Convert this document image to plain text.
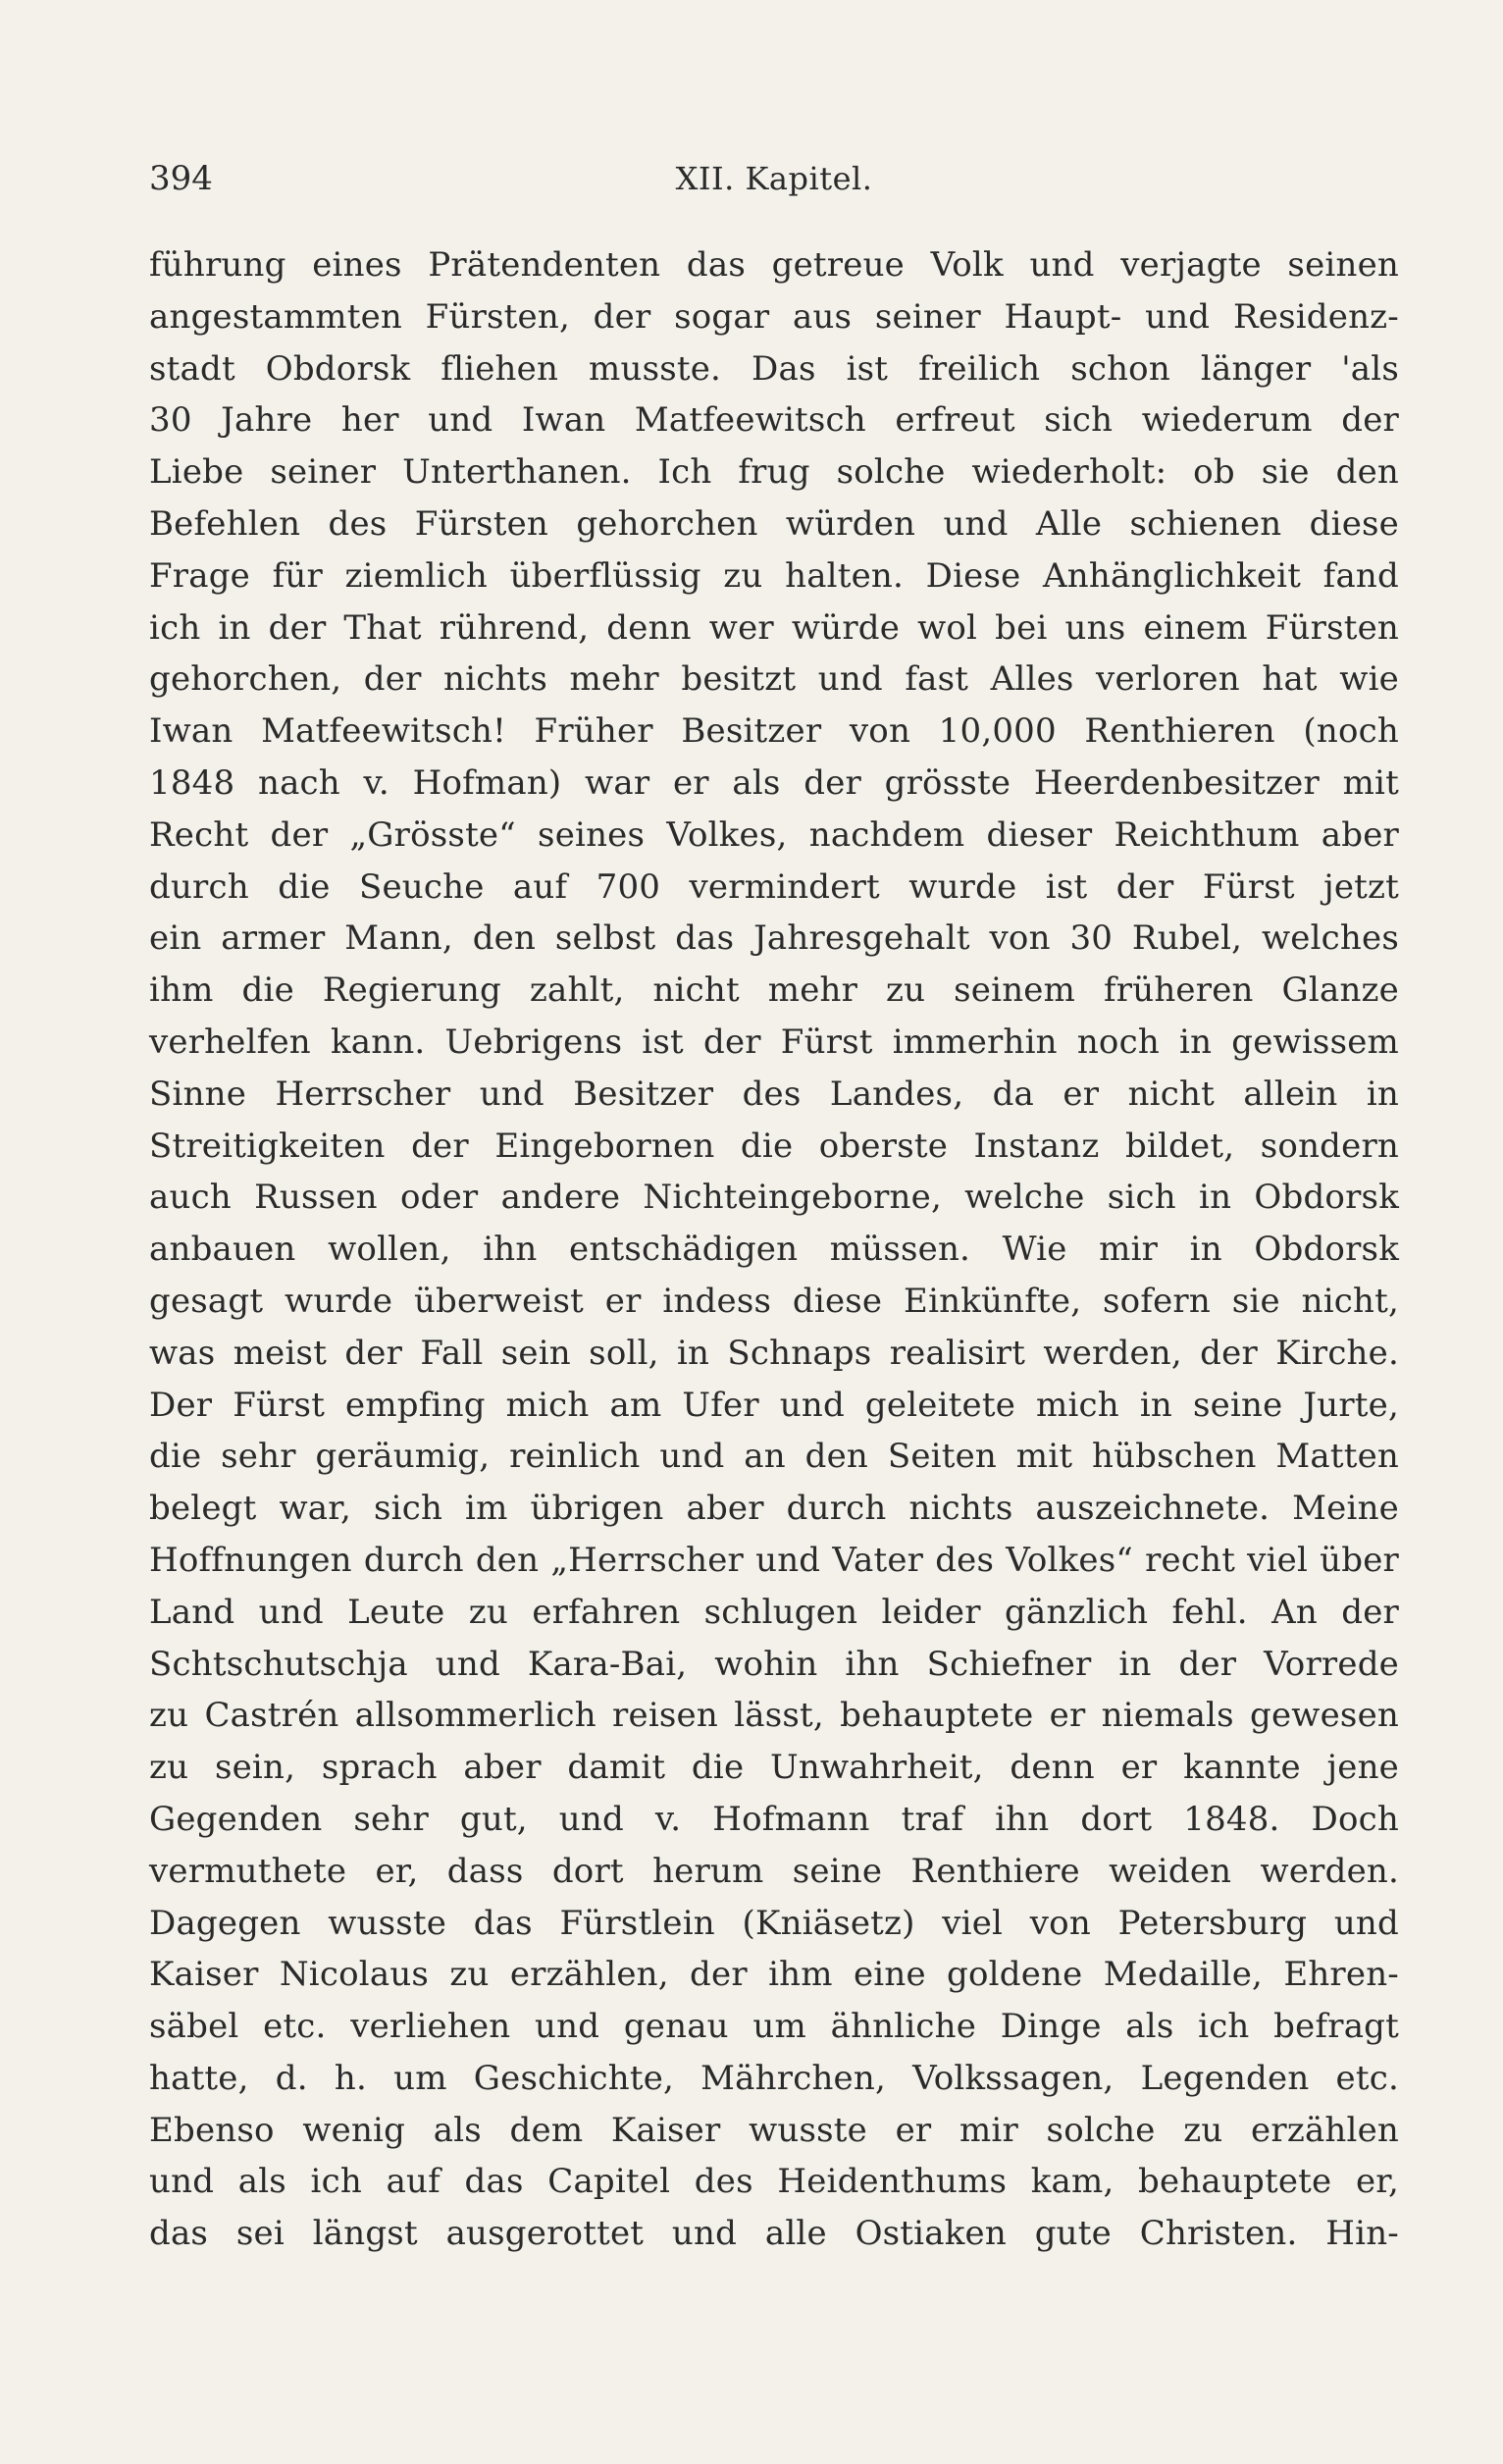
394	XII. Kapitel.
führung eines Prätendenten das getreue Volk und verjagte seinen
angestammten Fürsten, der sogar aus seiner Haupt- und Residenz-
stadt Obdorsk fliehen musste. Das ist freilich schon länger 'als
30 Jahre her und Iwan Matfeewitsch erfreut sich wiederum der
Liebe seiner Unterthanen. Ich frug solche wiederholt: ob sie den
Befehlen des Fürsten gehorchen würden und Alle schienen diese
Frage für ziemlich überflüssig zu halten. Diese Anhänglichkeit fand
ich in der That rührend, denn wer würde wol bei uns einem Fürsten
gehorchen, der nichts mehr besitzt und fast Alles verloren hat wie
Iwan Matfeewitsch! Früher Besitzer von 10,000 Renthieren (noch
1848 nach v. Hofman) war er als der grösste Heerdenbesitzer mit
Recht der „Grösste“ seines Volkes, nachdem dieser Reichthum aber
durch die Seuche auf 700 vermindert wurde ist der Fürst jetzt
ein armer Mann, den selbst das Jahresgehalt von 30 Rubel, welches
ihm die Regierung zahlt, nicht mehr zu seinem früheren Glanze
verhelfen kann. Uebrigens ist der Fürst immerhin noch in gewissem
Sinne Herrscher und Besitzer des Landes, da er nicht allein in
Streitigkeiten der Eingebornen die oberste Instanz bildet, sondern
auch Russen oder andere Nichteingeborne, welche sich in Obdorsk
anbauen wollen, ihn entschädigen müssen. Wie mir in Obdorsk
gesagt wurde überweist er indess diese Einkünfte, sofern sie nicht,
was meist der Fall sein soll, in Schnaps realisirt werden, der Kirche.
Der Fürst empfing mich am Ufer und geleitete mich in seine Jurte,
die sehr geräumig, reinlich und an den Seiten mit hübschen Matten
belegt war, sich im übrigen aber durch nichts auszeichnete. Meine
Hoffnungen durch den „Herrscher und Vater des Volkes“ recht viel über
Land und Leute zu erfahren schlugen leider gänzlich fehl. An der
Schtschutschja und Kara-Bai, wohin ihn Schiefner in der Vorrede
zu Castrén allsommerlich reisen lässt, behauptete er niemals gewesen
zu sein, sprach aber damit die Unwahrheit, denn er kannte jene
Gegenden sehr gut, und v. Hofmann traf ihn dort 1848. Doch
vermuthete er, dass dort herum seine Renthiere weiden werden.
Dagegen wusste das Fürstlein (Kniäsetz) viel von Petersburg und
Kaiser Nicolaus zu erzählen, der ihm eine goldene Medaille, Ehren-
säbel etc. verliehen und genau um ähnliche Dinge als ich befragt
hatte, d. h. um Geschichte, Mährchen, Volkssagen, Legenden etc.
Ebenso wenig als dem Kaiser wusste er mir solche zu erzählen
und als ich auf das Capitel des Heidenthums kam, behauptete er,
das sei längst ausgerottet und alle Ostiaken gute Christen. Hin-
